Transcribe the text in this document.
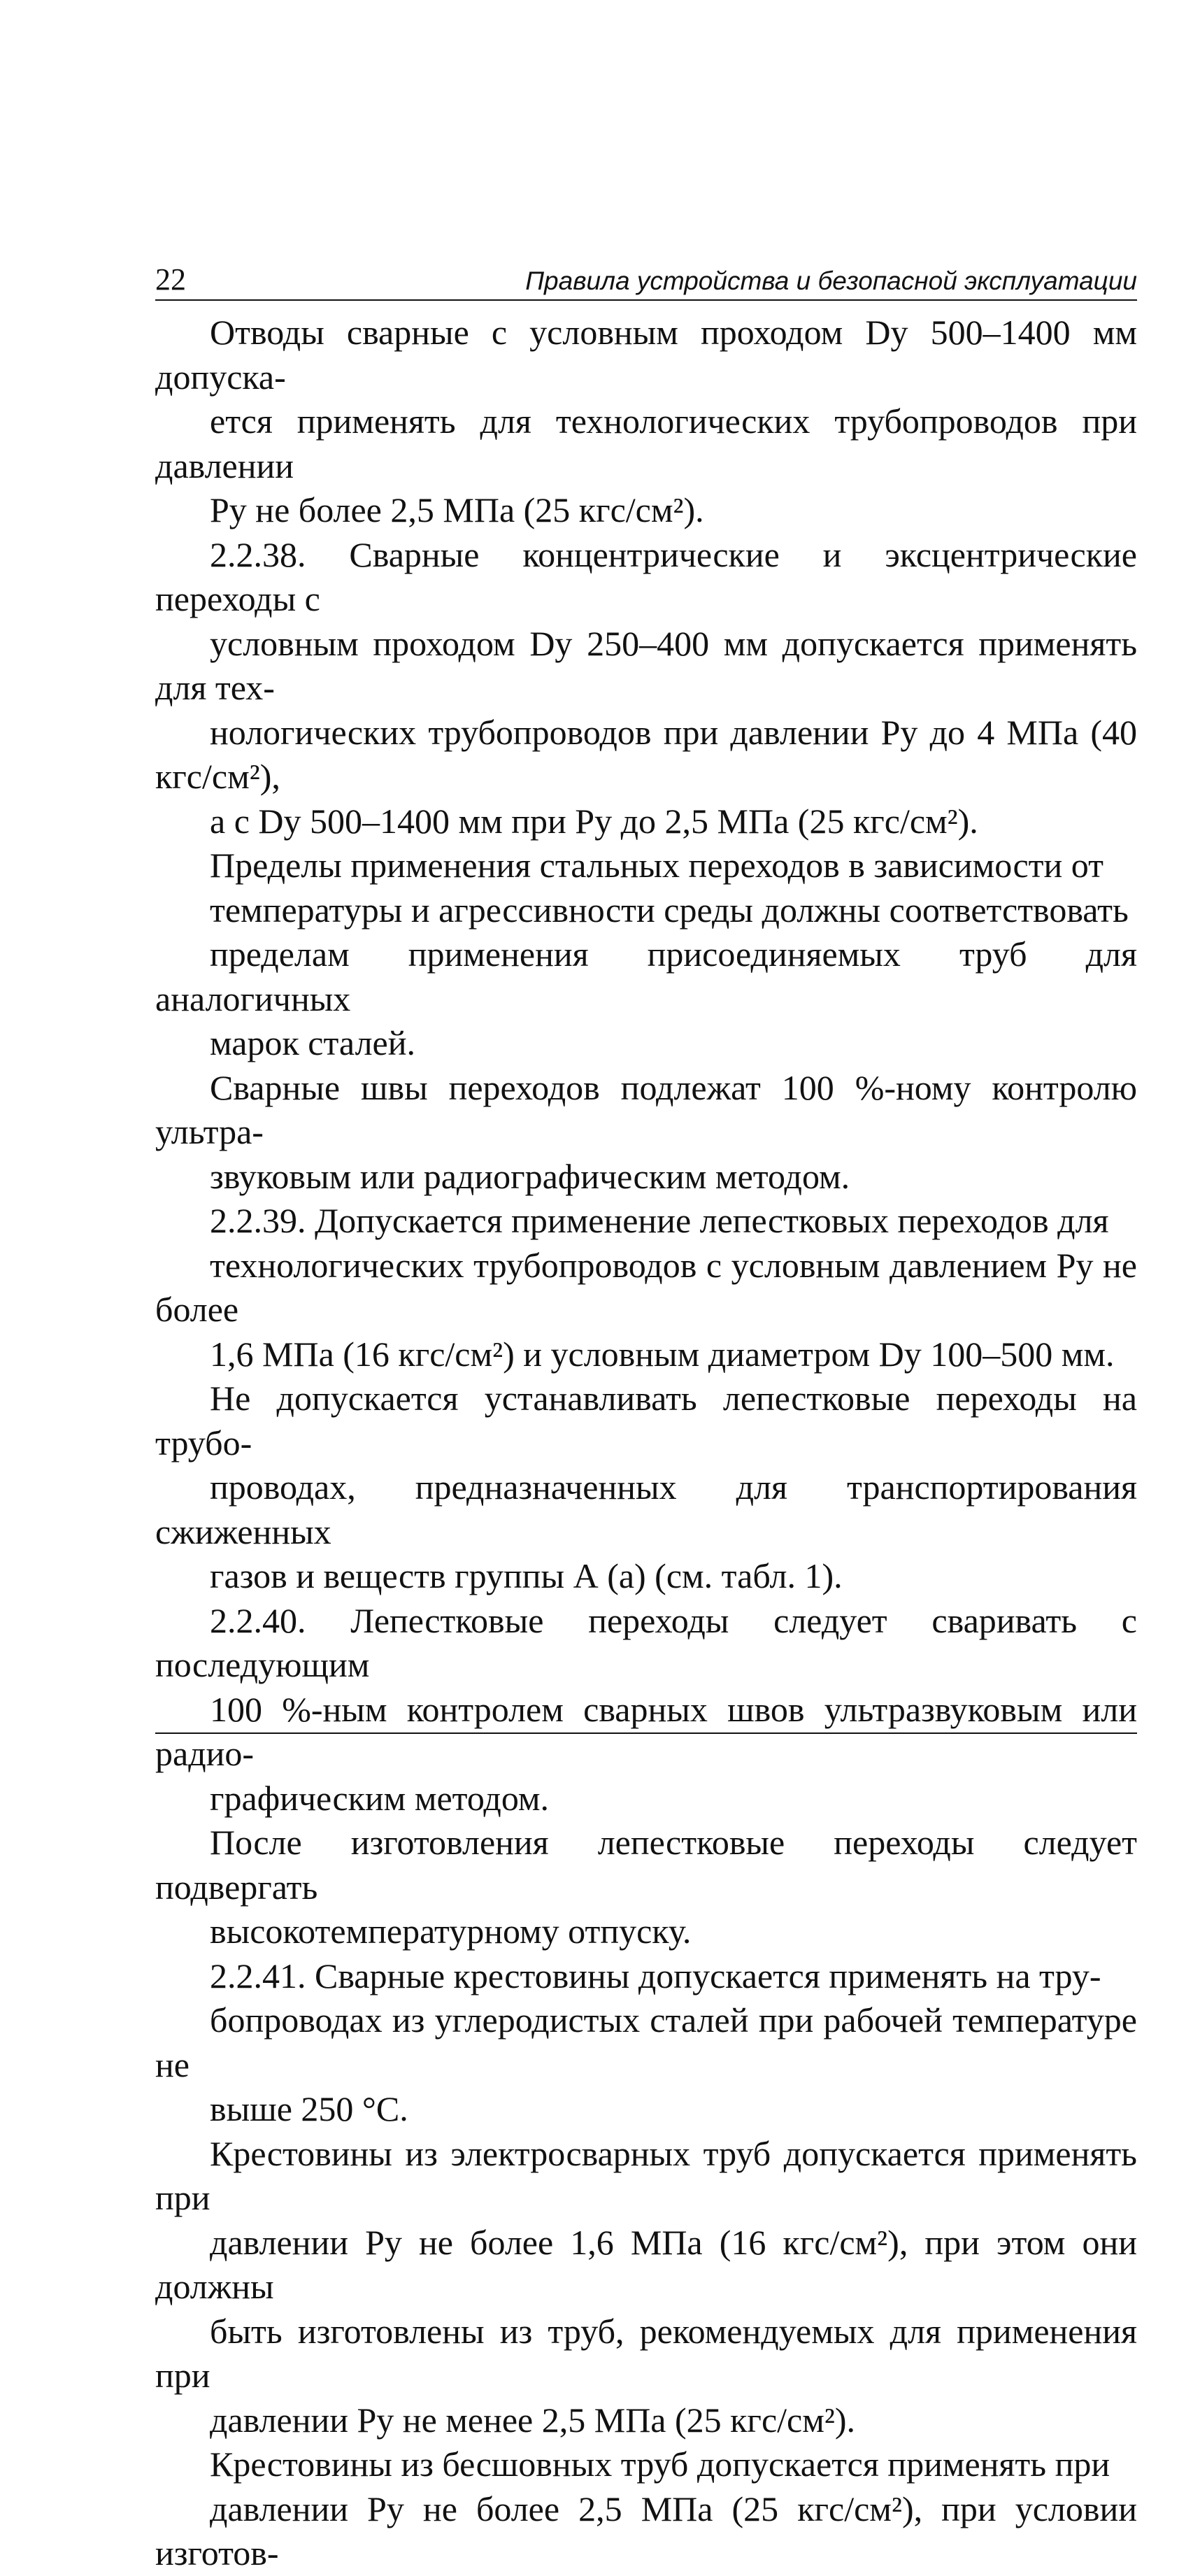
22	Правила устройства и безопасной эксплуатации

Отводы сварные с условным проходом Dу 500–1400 мм допуска-
ется применять для технологических трубопроводов при давлении
Pу не более 2,5 МПа (25 кгс/см²).

2.2.38. Сварные концентрические и эксцентрические переходы с
условным проходом Dу 250–400 мм допускается применять для тех-
нологических трубопроводов при давлении Pу до 4 МПа (40 кгс/см²),
а с Dу 500–1400 мм при Pу до 2,5 МПа (25 кгс/см²).

Пределы применения стальных переходов в зависимости от
температуры и агрессивности среды должны соответствовать
пределам применения присоединяемых труб для аналогичных
марок сталей.

Сварные швы переходов подлежат 100 %-ному контролю ультра-
звуковым или радиографическим методом.

2.2.39. Допускается применение лепестковых переходов для
технологических трубопроводов с условным давлением Pу не более
1,6 МПа (16 кгс/см²) и условным диаметром Dу 100–500 мм.

Не допускается устанавливать лепестковые переходы на трубо-
проводах, предназначенных для транспортирования сжиженных
газов и веществ группы А (а) (см. табл. 1).

2.2.40. Лепестковые переходы следует сваривать с последующим
100 %-ным контролем сварных швов ультразвуковым или радио-
графическим методом.

После изготовления лепестковые переходы следует подвергать
высокотемпературному отпуску.

2.2.41. Сварные крестовины допускается применять на тру-
бопроводах из углеродистых сталей при рабочей температуре не
выше 250 °С.

Крестовины из электросварных труб допускается применять при
давлении Pу не более 1,6 МПа (16 кгс/см²), при этом они должны
быть изготовлены из труб, рекомендуемых для применения при
давлении Pу не менее 2,5 МПа (25 кгс/см²).

Крестовины из бесшовных труб допускается применять при
давлении Pу не более 2,5 МПа (25 кгс/см²), при условии изготов-
